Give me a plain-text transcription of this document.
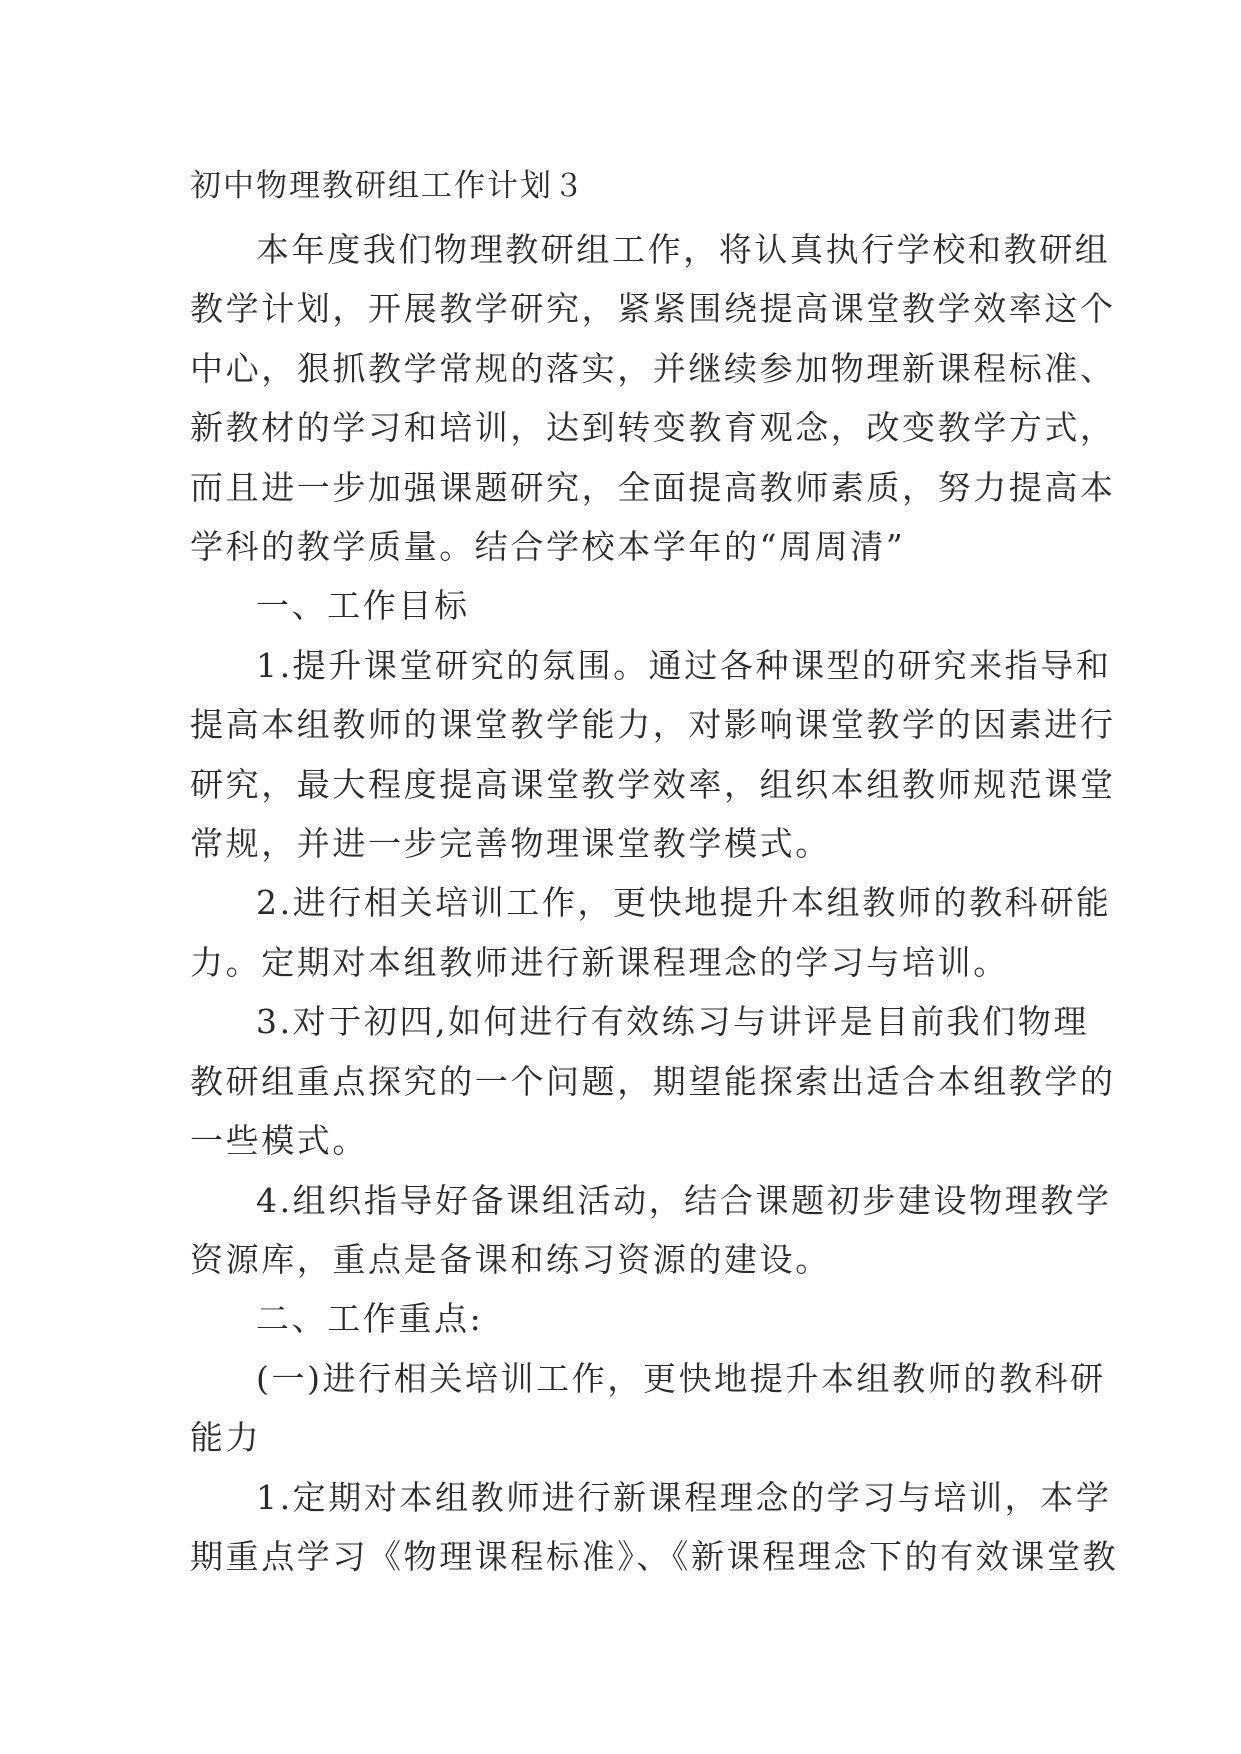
初中物理教研组工作计划３

本年度我们物理教研组工作，将认真执行学校和教研组
教学计划，开展教学研究，紧紧围绕提高课堂教学效率这个
中心，狠抓教学常规的落实，并继续参加物理新课程标准、
新教材的学习和培训，达到转变教育观念，改变教学方式，
而且进一步加强课题研究，全面提高教师素质，努力提高本
学科的教学质量。结合学校本学年的“周周清”

一、工作目标

1.提升课堂研究的氛围。通过各种课型的研究来指导和
提高本组教师的课堂教学能力，对影响课堂教学的因素进行
研究，最大程度提高课堂教学效率，组织本组教师规范课堂
常规，并进一步完善物理课堂教学模式。

2.进行相关培训工作，更快地提升本组教师的教科研能
力。定期对本组教师进行新课程理念的学习与培训。

3.对于初四,如何进行有效练习与讲评是目前我们物理
教研组重点探究的一个问题，期望能探索出适合本组教学的
一些模式。

4.组织指导好备课组活动，结合课题初步建设物理教学
资源库，重点是备课和练习资源的建设。

二、工作重点:

(一)进行相关培训工作，更快地提升本组教师的教科研
能力

1.定期对本组教师进行新课程理念的学习与培训，本学
期重点学习《物理课程标准》、《新课程理念下的有效课堂教
